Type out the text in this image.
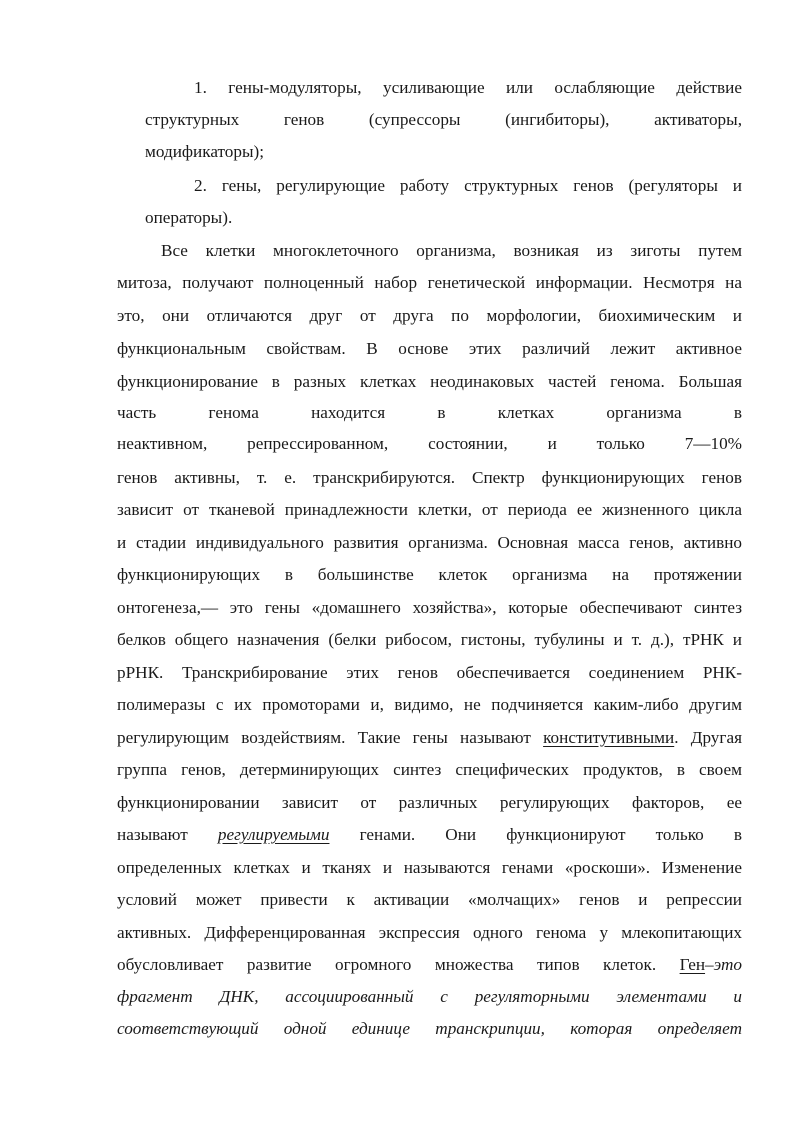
1. гены-модуляторы, усиливающие или ослабляющие действие
структурных генов (супрессоры (ингибиторы), активаторы,
модификаторы);
2. гены, регулирующие работу структурных генов (регуляторы и
операторы).
Все клетки многоклеточного организма, возникая из зиготы путем
митоза, получают полноценный набор генетической информации. Несмотря на
это, они отличаются друг от друга по морфологии, биохимическим и
функциональным свойствам. В основе этих различий лежит активное
функционирование в разных клетках неодинаковых частей генома. Большая
часть генома находится в клетках организма в
неактивном, репрессированном, состоянии, и только 7—10%
генов активны, т. е. транскрибируются. Спектр функционирующих генов
зависит от тканевой принадлежности клетки, от периода ее жизненного цикла
и стадии индивидуального развития организма. Основная масса генов, активно
функционирующих в большинстве клеток организма на протяжении
онтогенеза,— это гены «домашнего хозяйства», которые обеспечивают синтез
белков общего назначения (белки рибосом, гистоны, тубулины и т. д.), тРНК и
рРНК. Транскрибирование этих генов обеспечивается соединением РНК-
полимеразы с их промоторами и, видимо, не подчиняется каким-либо другим
регулирующим воздействиям. Такие гены называют конститутивными. Другая
группа генов, детерминирующих синтез специфических продуктов, в своем
функционировании зависит от различных регулирующих факторов, ее
называют регулируемыми генами. Они функционируют только в
определенных клетках и тканях и называются генами «роскоши». Изменение
условий может привести к активации «молчащих» генов и репрессии
активных. Дифференцированная экспрессия одного генома у млекопитающих
обусловливает развитие огромного множества типов клеток. Ген–это
фрагмент ДНК, ассоциированный с регуляторными элементами и
соответствующий одной единице транскрипции, которая определяет
